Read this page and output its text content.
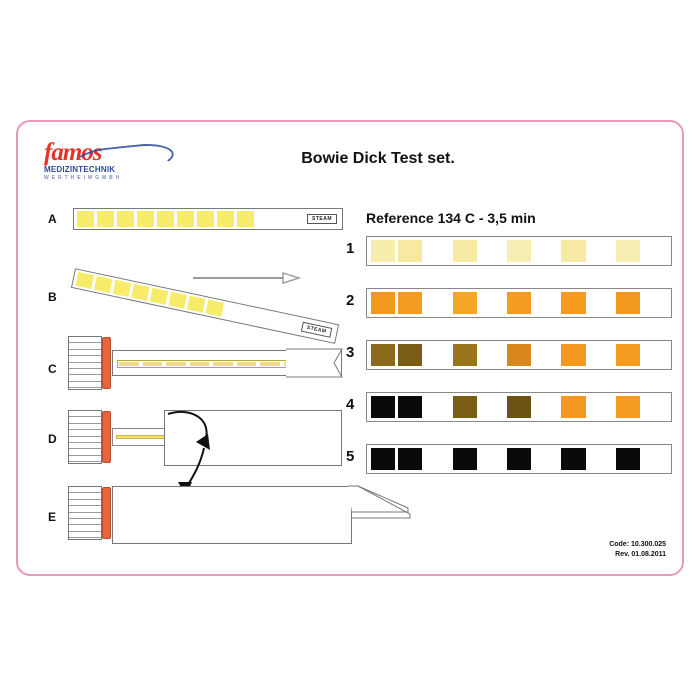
famos
MEDIZINTECHNIK
W E R T H E I M G M B H
Bowie Dick Test set.
Reference 134 C - 3,5 min
A
B
C
D
E
STEAM
STEAM
1
2
3
4
5
Code: 10.300.025
Rev. 01.08.2011
